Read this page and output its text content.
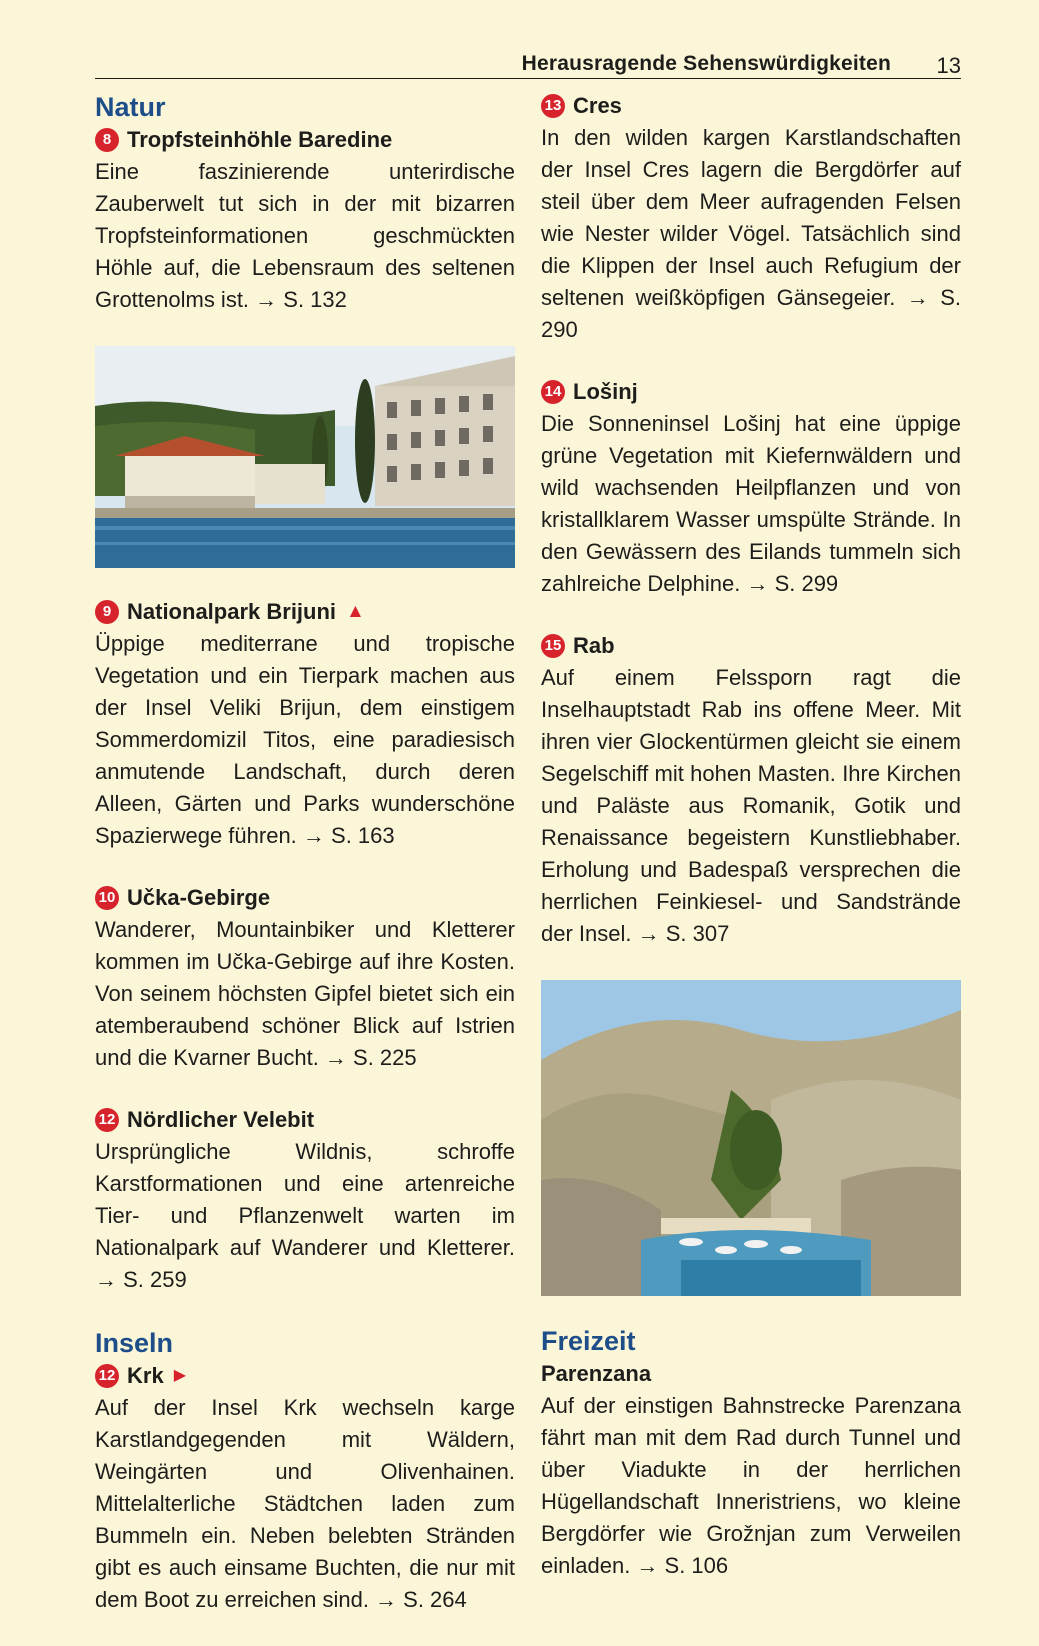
Herausragende Sehenswürdigkeiten 13
Natur
8 Tropfsteinhöhle Baredine

Eine faszinierende unterirdische Zauberwelt tut sich in der mit bizarren Tropfsteinformationen geschmückten Höhle auf, die Lebensraum des seltenen Grottenolms ist. → S. 132

9 Nationalpark Brijuni ▲

Üppige mediterrane und tropische Vegetation und ein Tierpark machen aus der Insel Veliki Brijun, dem einstigem Sommerdomizil Titos, eine paradiesisch anmutende Landschaft, durch deren Alleen, Gärten und Parks wunderschöne Spazierwege führen. → S. 163

10 Učka-Gebirge

Wanderer, Mountainbiker und Kletterer kommen im Učka-Gebirge auf ihre Kosten. Von seinem höchsten Gipfel bietet sich ein atemberaubend schöner Blick auf Istrien und die Kvarner Bucht. → S. 225

12 Nördlicher Velebit

Ursprüngliche Wildnis, schroffe Karstformationen und eine artenreiche Tier- und Pflanzenwelt warten im Nationalpark auf Wanderer und Kletterer. → S. 259

Inseln
12 Krk ▶

Auf der Insel Krk wechseln karge Karstlandgegenden mit Wäldern, Weingärten und Olivenhainen. Mittelalterliche Städtchen laden zum Bummeln ein. Neben belebten Stränden gibt es auch einsame Buchten, die nur mit dem Boot zu erreichen sind. → S. 264

13 Cres

In den wilden kargen Karstlandschaften der Insel Cres lagern die Bergdörfer auf steil über dem Meer aufragenden Felsen wie Nester wilder Vögel. Tatsächlich sind die Klippen der Insel auch Refugium der seltenen weißköpfigen Gänsegeier. → S. 290

14 Lošinj

Die Sonneninsel Lošinj hat eine üppige grüne Vegetation mit Kiefernwäldern und wild wachsenden Heilpflanzen und von kristallklarem Wasser umspülte Strände. In den Gewässern des Eilands tummeln sich zahlreiche Delphine. → S. 299

15 Rab

Auf einem Felssporn ragt die Inselhauptstadt Rab ins offene Meer. Mit ihren vier Glockentürmen gleicht sie einem Segelschiff mit hohen Masten. Ihre Kirchen und Paläste aus Romanik, Gotik und Renaissance begeistern Kunstliebhaber. Erholung und Badespaß versprechen die herrlichen Feinkiesel- und Sandstrände der Insel. → S. 307

Freizeit
Parenzana

Auf der einstigen Bahnstrecke Parenzana fährt man mit dem Rad durch Tunnel und über Viadukte in der herrlichen Hügellandschaft Inneristriens, wo kleine Bergdörfer wie Grožnjan zum Verweilen einladen. → S. 106
